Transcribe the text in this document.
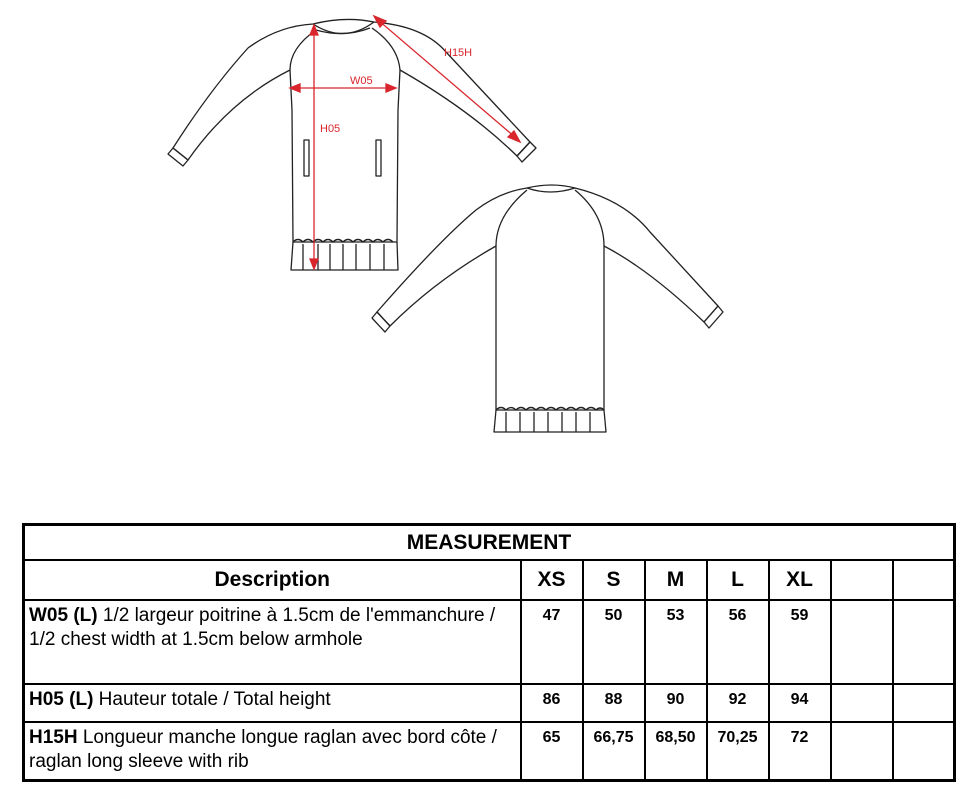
H15H
W05
H05
MEASUREMENT							
Description	XS	S	M	L	XL		
W05 (L) 1/2 largeur poitrine à 1.5cm de l'emmanchure / 1/2 chest width at 1.5cm below armhole	47	50	53	56	59		
H05 (L) Hauteur totale / Total height	86	88	90	92	94		
H15H Longueur manche longue raglan avec bord côte / raglan long sleeve with rib	65	66,75	68,50	70,25	72		
